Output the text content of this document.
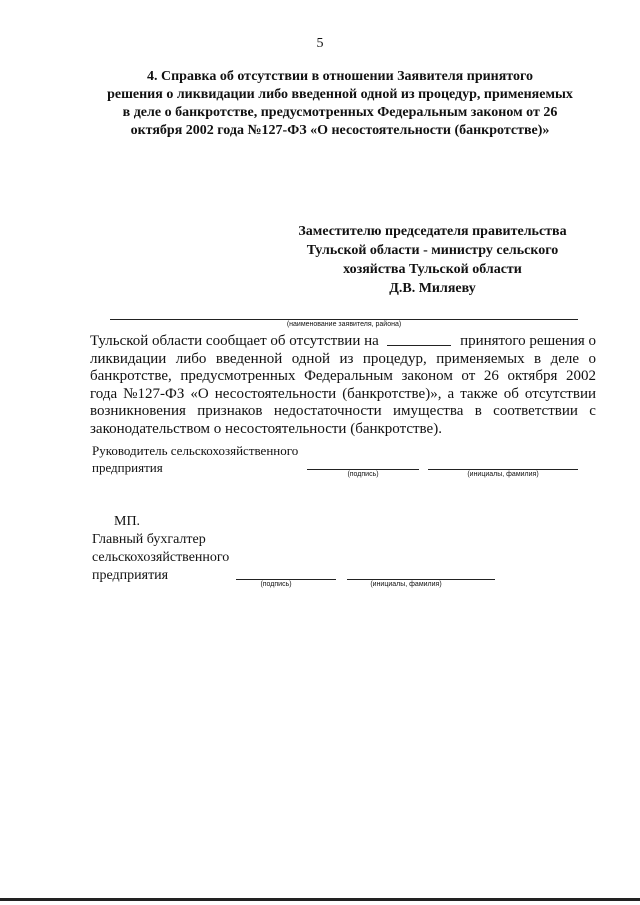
5
4. Справка об отсутствии в отношении Заявителя принятого
решения о ликвидации либо введенной одной из процедур, применяемых
в деле о банкротстве, предусмотренных Федеральным законом от 26
октября 2002 года №127-ФЗ «О несостоятельности (банкротстве)»
Заместителю председателя правительства
Тульской области - министру сельского
хозяйства Тульской области
Д.В. Миляеву
(наименование заявителя, района)
Тульской области сообщает об отсутствии на	принятого решения о
ликвидации либо введенной одной из процедур, применяемых в деле о
банкротстве, предусмотренных Федеральным законом от 26 октября 2002
года №127-ФЗ «О несостоятельности (банкротстве)», а также об отсутствии
возникновения признаков недостаточности имущества в соответствии с
законодательством о несостоятельности (банкротстве).
Руководитель сельскохозяйственного
предприятия	(подпись)	(инициалы, фамилия)
МП.
Главный бухгалтер
сельскохозяйственного
предприятия
(подпись)	(инициалы, фамилия)
